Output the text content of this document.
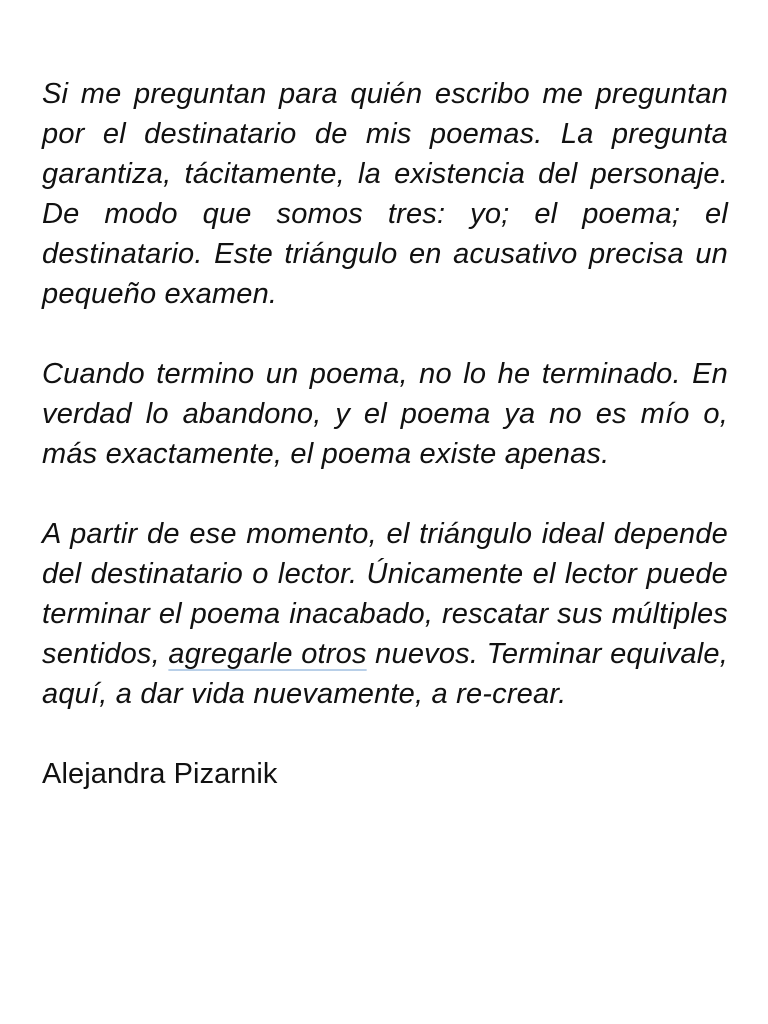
Si me preguntan para quién escribo me preguntan por el destinatario de mis poemas. La pregunta garantiza, tácitamente, la existencia del personaje. De modo que somos tres: yo; el poema; el destinatario. Este triángulo en acusativo precisa un pequeño examen.

Cuando termino un poema, no lo he terminado. En verdad lo abandono, y el poema ya no es mío o, más exactamente, el poema existe apenas.

A partir de ese momento, el triángulo ideal depende del destinatario o lector. Únicamente el lector puede terminar el poema inacabado, rescatar sus múltiples sentidos, agregarle otros nuevos. Terminar equivale, aquí, a dar vida nuevamente, a re-crear.

Alejandra Pizarnik
